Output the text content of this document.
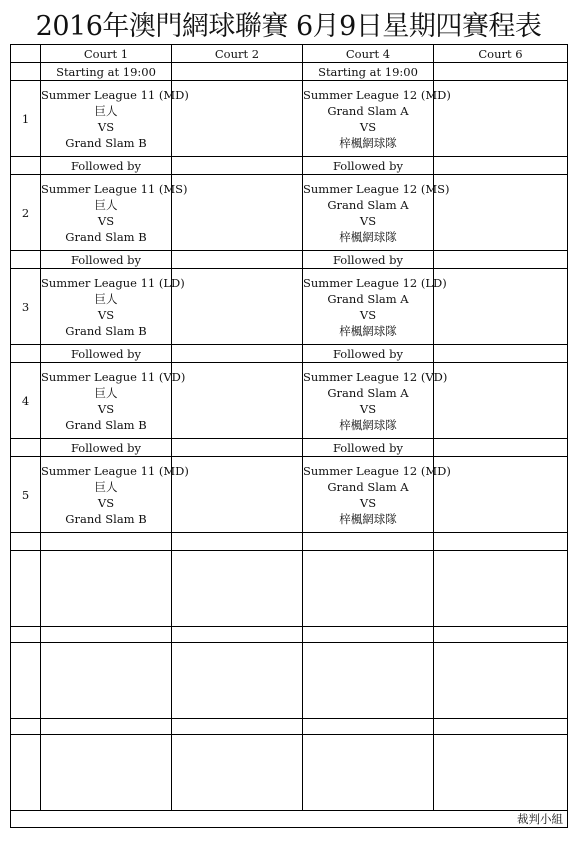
2016年澳門網球聯賽 6月9日星期四賽程表
	Court 1	Court 2	Court 4	Court 6
	Starting at 19:00		Starting at 19:00	
1	Summer League 11 (MD)
巨人
VS
Grand Slam B		Summer League 12 (MD)
Grand Slam A
VS
梓楓網球隊	

	Followed by		Followed by	
2	Summer League 11 (MS)
巨人
VS
Grand Slam B		Summer League 12 (MS)
Grand Slam A
VS
梓楓網球隊	

	Followed by		Followed by	
3	Summer League 11 (LD)
巨人
VS
Grand Slam B		Summer League 12 (LD)
Grand Slam A
VS
梓楓網球隊	

	Followed by		Followed by	
4	Summer League 11 (VD)
巨人
VS
Grand Slam B		Summer League 12 (VD)
Grand Slam A
VS
梓楓網球隊	

	Followed by		Followed by	
5	Summer League 11 (MD)
巨人
VS
Grand Slam B		Summer League 12 (MD)
Grand Slam A
VS
梓楓網球隊	

裁判小組				
